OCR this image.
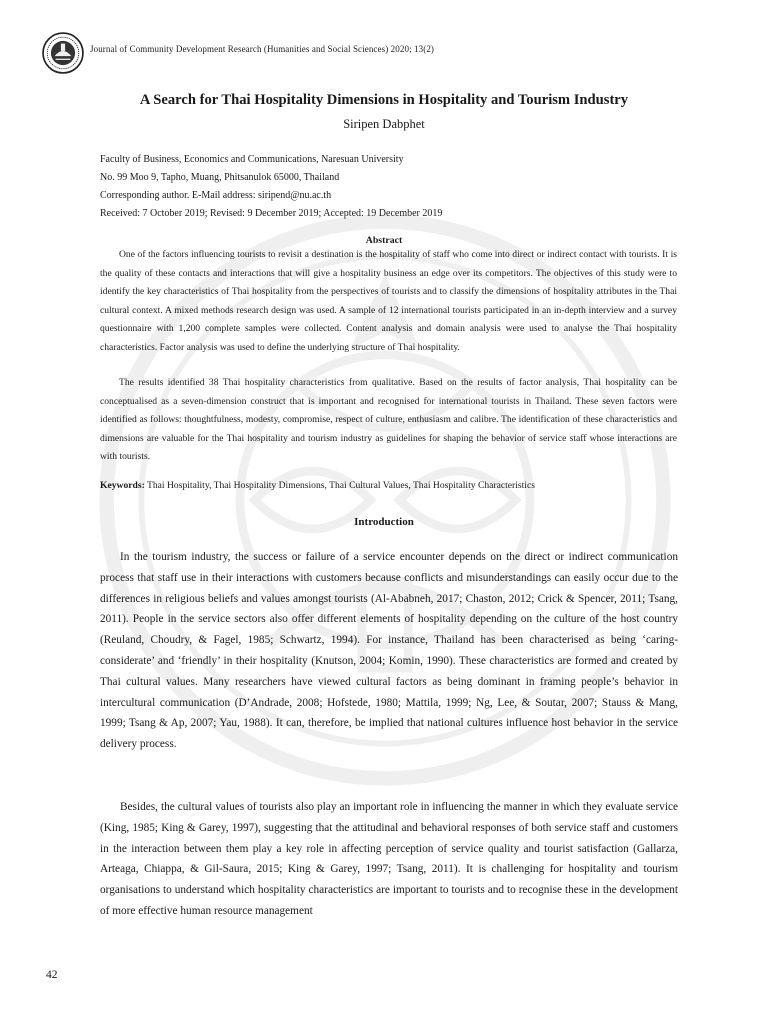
Journal of Community Development Research (Humanities and Social Sciences) 2020; 13(2)
A Search for Thai Hospitality Dimensions in Hospitality and Tourism Industry
Siripen Dabphet
Faculty of Business, Economics and Communications, Naresuan University
No. 99 Moo 9, Tapho, Muang, Phitsanulok 65000, Thailand
Corresponding author. E-Mail address: siripend@nu.ac.th
Received: 7 October 2019; Revised: 9 December 2019; Accepted: 19 December 2019
Abstract

One of the factors influencing tourists to revisit a destination is the hospitality of staff who come into direct or indirect contact with tourists. It is the quality of these contacts and interactions that will give a hospitality business an edge over its competitors. The objectives of this study were to identify the key characteristics of Thai hospitality from the perspectives of tourists and to classify the dimensions of hospitality attributes in the Thai cultural context. A mixed methods research design was used. A sample of 12 international tourists participated in an in-depth interview and a survey questionnaire with 1,200 complete samples were collected. Content analysis and domain analysis were used to analyse the Thai hospitality characteristics. Factor analysis was used to define the underlying structure of Thai hospitality.

The results identified 38 Thai hospitality characteristics from qualitative. Based on the results of factor analysis, Thai hospitality can be conceptualised as a seven-dimension construct that is important and recognised for international tourists in Thailand. These seven factors were identified as follows: thoughtfulness, modesty, compromise, respect of culture, enthusiasm and calibre. The identification of these characteristics and dimensions are valuable for the Thai hospitality and tourism industry as guidelines for shaping the behavior of service staff whose interactions are with tourists.

Keywords: Thai Hospitality, Thai Hospitality Dimensions, Thai Cultural Values, Thai Hospitality Characteristics
Introduction

In the tourism industry, the success or failure of a service encounter depends on the direct or indirect communication process that staff use in their interactions with customers because conflicts and misunderstandings can easily occur due to the differences in religious beliefs and values amongst tourists (Al-Ababneh, 2017; Chaston, 2012; Crick & Spencer, 2011; Tsang, 2011). People in the service sectors also offer different elements of hospitality depending on the culture of the host country (Reuland, Choudry, & Fagel, 1985; Schwartz, 1994). For instance, Thailand has been characterised as being ‘caring-considerate’ and ‘friendly’ in their hospitality (Knutson, 2004; Komin, 1990). These characteristics are formed and created by Thai cultural values. Many researchers have viewed cultural factors as being dominant in framing people’s behavior in intercultural communication (D’Andrade, 2008; Hofstede, 1980; Mattila, 1999; Ng, Lee, & Soutar, 2007; Stauss & Mang, 1999; Tsang & Ap, 2007; Yau, 1988). It can, therefore, be implied that national cultures influence host behavior in the service delivery process.

Besides, the cultural values of tourists also play an important role in influencing the manner in which they evaluate service (King, 1985; King & Garey, 1997), suggesting that the attitudinal and behavioral responses of both service staff and customers in the interaction between them play a key role in affecting perception of service quality and tourist satisfaction (Gallarza, Arteaga, Chiappa, & Gil-Saura, 2015; King & Garey, 1997; Tsang, 2011). It is challenging for hospitality and tourism organisations to understand which hospitality characteristics are important to tourists and to recognise these in the development of more effective human resource management

42
